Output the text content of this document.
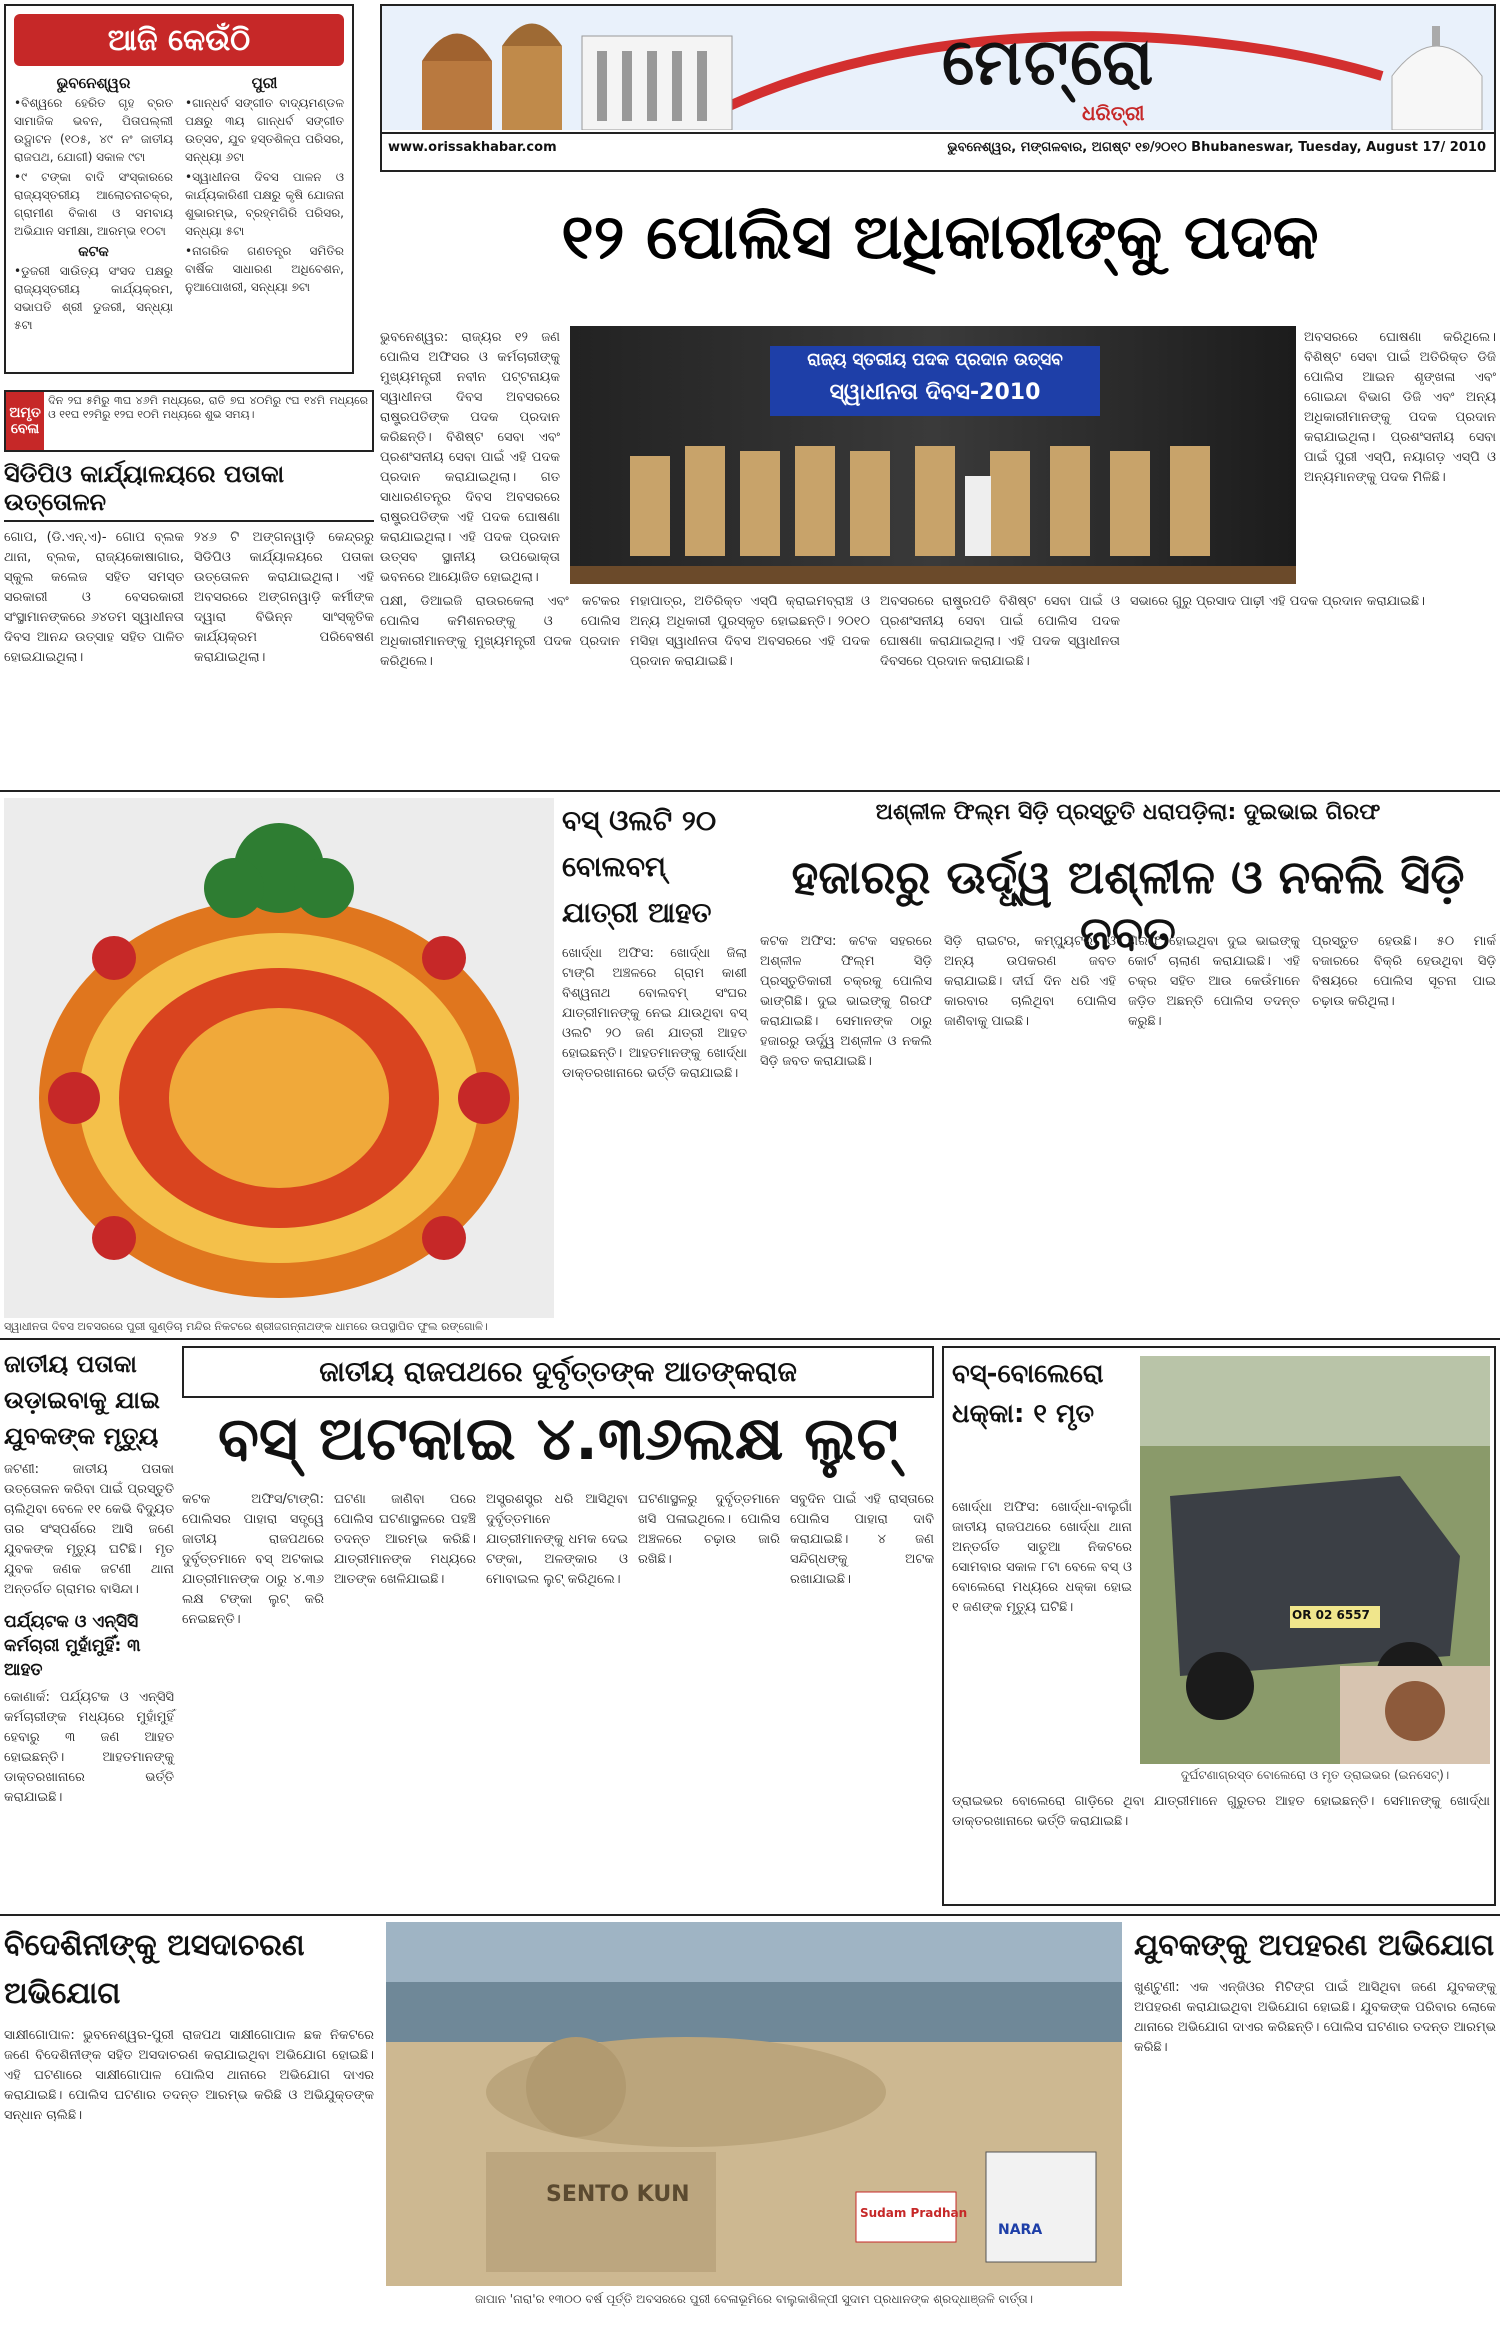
ଆଜି କେଉଁଠି
ଭୁବନେଶ୍ୱର
•ବିଶ୍ୱରେ ହେରିତ ଗୃହ ବ୍ରତ ସାମାଜିକ ଭବନ, ପିତାପଲ୍ଲୀ ଉଦ୍ଘାଟନ (୧୦୫, ୪୯ ନଂ ଜାତୀୟ ରାଜପଥ, ଯୋଗୀ) ସକାଳ ୯ଟା
•୯ ଟଙ୍କା ବାଦି ସଂସ୍କାରରେ ରାଜ୍ୟସ୍ତରୀୟ ଆଲୋଚନାଚକ୍ର, ଗ୍ରାମୀଣ ବିକାଶ ଓ ସମବାୟ ଅଭିଯାନ ସମୀକ୍ଷା, ଆରମ୍ଭ ୧୦ଟା
କଟକ
•ଡୁଜରୀ ସାଉିତ୍ୟ ସଂସଦ ପକ୍ଷରୁ ରାଜ୍ୟସ୍ତରୀୟ କାର୍ଯ୍ୟକ୍ରମ, ସଭାପତି ଶ୍ରୀ ଡୁଜରୀ, ସନ୍ଧ୍ୟା ୫ଟା
ପୁରୀ
•ଗାନ୍ଧର୍ବ ସଙ୍ଗୀତ ବାଦ୍ୟମଣ୍ଡଳ ପକ୍ଷରୁ ୩ୟ ଗାନ୍ଧର୍ବ ସଙ୍ଗୀତ ଉତ୍ସବ, ଯୁବ ହସ୍ତଶିଳ୍ପ ପରିସର, ସନ୍ଧ୍ୟା ୬ଟା
•ସ୍ୱାଧୀନତା ଦିବସ ପାଳନ ଓ କାର୍ଯ୍ୟକାରିଣୀ ପକ୍ଷରୁ କୃଷି ଯୋଜନା ଶୁଭାରମ୍ଭ, ବ୍ରହ୍ମଗିରି ପରିସର, ସନ୍ଧ୍ୟା ୫ଟା
•ନାଗରିକ ଗଣତନ୍ତ୍ର ସମିତିର ବାର୍ଷିକ ସାଧାରଣ ଅଧିବେଶନ, ନୁଆପୋଖରୀ, ସନ୍ଧ୍ୟା ୭ଟା
ମେଟ୍ରୋ
ଧରିତ୍ରୀ
www.orissakhabar.com	ଭୁବନେଶ୍ୱର, ମଙ୍ଗଳବାର, ଅଗଷ୍ଟ ୧୭/୨୦୧୦ Bhubaneswar, Tuesday, August 17/ 2010
୧୨ ପୋଲିସ ଅଧିକାରୀଙ୍କୁ ପଦକ
ଅମୃତ ବେଳା
ଦିନ ୨ଘ ୫ମିରୁ ୩ଘ ୪୬ମି ମଧ୍ୟରେ, ରାତି ୭ଘ ୪୦ମିରୁ ୯ଘ ୧୪ମି ମଧ୍ୟରେ ଓ ୧୧ଘ ୧୨ମିରୁ ୧୨ଘ ୧୦ମି ମଧ୍ୟରେ ଶୁଭ ସମୟ।
ସିଡିପିଓ କାର୍ଯ୍ୟାଳୟରେ ପତାକା ଉତ୍ତୋଳନ
ଗୋପ, (ଡି.ଏନ୍.ଏ)- ଗୋପ ବ୍ଲକ ଥାନା, ବ୍ଲକ, ରାଜ୍ୟକୋଷାଗାର, ସ୍କୁଲ କଲେଜ ସହିତ ସମସ୍ତ ସରକାରୀ ଓ ବେସରକାରୀ ସଂସ୍ଥାମାନଙ୍କରେ ୬୪ତମ ସ୍ୱାଧୀନତା ଦିବସ ଆନନ୍ଦ ଉତ୍ସାହ ସହିତ ପାଳିତ ହୋଇଯାଇଥିଲା।
୨୪୬ ଟି ଅଙ୍ଗନୱାଡ଼ି କେନ୍ଦ୍ରରୁ ସିଡିପିଓ କାର୍ଯ୍ୟାଳୟରେ ପତାକା ଉତ୍ତୋଳନ କରାଯାଇଥିଲା। ଏହି ଅବସରରେ ଅଙ୍ଗନୱାଡ଼ି କର୍ମୀଙ୍କ ଦ୍ୱାରା ବିଭିନ୍ନ ସାଂସ୍କୃତିକ କାର୍ଯ୍ୟକ୍ରମ ପରିବେଷଣ କରାଯାଇଥିଲା।
ରାଜ୍ୟ ସ୍ତରୀୟ ପଦକ ପ୍ରଦାନ ଉତ୍ସବ
ସ୍ୱାଧୀନତା ଦିବସ-2010
ଭୁବନେଶ୍ୱର: ରାଜ୍ୟର ୧୨ ଜଣ ପୋଲିସ ଅଫିସର ଓ କର୍ମଚାରୀଙ୍କୁ ମୁଖ୍ୟମନ୍ତ୍ରୀ ନବୀନ ପଟ୍ଟନାୟକ ସ୍ୱାଧୀନତା ଦିବସ ଅବସରରେ ରାଷ୍ଟ୍ରପତିଙ୍କ ପଦକ ପ୍ରଦାନ କରିଛନ୍ତି। ବିଶିଷ୍ଟ ସେବା ଏବଂ ପ୍ରଶଂସନୀୟ ସେବା ପାଇଁ ଏହି ପଦକ ପ୍ରଦାନ କରାଯାଇଥିଲା। ଗତ ସାଧାରଣତନ୍ତ୍ର ଦିବସ ଅବସରରେ ରାଷ୍ଟ୍ରପତିଙ୍କ ଏହି ପଦକ ଘୋଷଣା କରାଯାଇଥିଲା। ଏହି ପଦକ ପ୍ରଦାନ ଉତ୍ସବ ସ୍ଥାନୀୟ ଉପଭୋକ୍ତା ଭବନରେ ଆୟୋଜିତ ହୋଇଥିଲା।
ଅବସରରେ ଘୋଷଣା କରିଥିଲେ। ବିଶିଷ୍ଟ ସେବା ପାଇଁ ଅତିରିକ୍ତ ଡିଜି ପୋଲିସ ଆଇନ ଶୃଙ୍ଖଳା ଏବଂ ଗୋଇନ୍ଦା ବିଭାଗ ଡିଜି ଏବଂ ଅନ୍ୟ ଅଧିକାରୀମାନଙ୍କୁ ପଦକ ପ୍ରଦାନ କରାଯାଇଥିଲା। ପ୍ରଶଂସନୀୟ ସେବା ପାଇଁ ପୁରୀ ଏସ୍‌ପି, ନୟାଗଡ଼ ଏସ୍‌ପି ଓ ଅନ୍ୟମାନଙ୍କୁ ପଦକ ମିଳିଛି।
ପକ୍ଷୀ, ଡିଆଇଜି ରାଉରକେଲା ଏବଂ କଟକର ପୋଲିସ କମିଶନରଙ୍କୁ ଓ ପୋଲିସ ଅଧିକାରୀମାନଙ୍କୁ ମୁଖ୍ୟମନ୍ତ୍ରୀ ପଦକ ପ୍ରଦାନ କରିଥିଲେ।
ମହାପାତ୍ର, ଅତିରିକ୍ତ ଏସ୍‌ପି କ୍ରାଇମବ୍ରାଞ୍ଚ ଓ ଅନ୍ୟ ଅଧିକାରୀ ପୁରସ୍କୃତ ହୋଇଛନ୍ତି। ୨୦୧୦ ମସିହା ସ୍ୱାଧୀନତା ଦିବସ ଅବସରରେ ଏହି ପଦକ ପ୍ରଦାନ କରାଯାଇଛି।
ଅବସରରେ ରାଷ୍ଟ୍ରପତି ବିଶିଷ୍ଟ ସେବା ପାଇଁ ଓ ପ୍ରଶଂସନୀୟ ସେବା ପାଇଁ ପୋଲିସ ପଦକ ଘୋଷଣା କରାଯାଇଥିଲା। ଏହି ପଦକ ସ୍ୱାଧୀନତା ଦିବସରେ ପ୍ରଦାନ କରାଯାଇଛି।
ସଭାରେ ଗୁରୁ ପ୍ରସାଦ ପାଢ଼ୀ ଏହି ପଦକ ପ୍ରଦାନ କରାଯାଇଛି।
ସ୍ୱାଧୀନତା ଦିବସ ଅବସରରେ ପୁରୀ ଗୁଣ୍ଡିଚା ମନ୍ଦିର ନିକଟରେ ଶ୍ରୀଜଗନ୍ନାଥଙ୍କ ଧାମରେ ଉପସ୍ଥାପିତ ଫୁଲ ରଙ୍ଗୋଳି।
ବସ୍ ଓଲଟି ୨୦ ବୋଲବମ୍ ଯାତ୍ରୀ ଆହତ
ଖୋର୍ଦ୍ଧା ଅଫିସ: ଖୋର୍ଦ୍ଧା ଜିଲା ଟାଙ୍ଗି ଅଞ୍ଚଳରେ ଗ୍ରାମ କାଶୀ ବିଶ୍ୱନାଥ ବୋଲବମ୍ ସଂଘର ଯାତ୍ରୀମାନଙ୍କୁ ନେଇ ଯାଉଥିବା ବସ୍ ଓଲଟି ୨୦ ଜଣ ଯାତ୍ରୀ ଆହତ ହୋଇଛନ୍ତି। ଆହତମାନଙ୍କୁ ଖୋର୍ଦ୍ଧା ଡାକ୍ତରଖାନାରେ ଭର୍ତ୍ତି କରାଯାଇଛି।
ଅଶ୍ଳୀଳ ଫିଲ୍ମ ସିଡ଼ି ପ୍ରସ୍ତୁତି ଧରାପଡ଼ିଲା: ଦୁଇଭାଇ ଗିରଫ
ହଜାରରୁ ଊର୍ଦ୍ଧ୍ୱ ଅଶ୍ଳୀଳ ଓ ନକଲି ସିଡ଼ି ଜବତ
କଟକ ଅଫିସ: କଟକ ସହରରେ ଅଶ୍ଳୀଳ ଫିଲ୍ମ ସିଡ଼ି ପ୍ରସ୍ତୁତିକାରୀ ଚକ୍ରକୁ ପୋଲିସ ଭାଙ୍ଗିଛି। ଦୁଇ ଭାଇଙ୍କୁ ଗିରଫ କରାଯାଇଛି। ସେମାନଙ୍କ ଠାରୁ ହଜାରରୁ ଊର୍ଦ୍ଧ୍ୱ ଅଶ୍ଳୀଳ ଓ ନକଲି ସିଡ଼ି ଜବତ କରାଯାଇଛି।
ସିଡ଼ି ରାଇଟର, କମ୍ପ୍ୟୁଟର ଓ ଅନ୍ୟ ଉପକରଣ ଜବତ କରାଯାଇଛି। ଦୀର୍ଘ ଦିନ ଧରି ଏହି କାରବାର ଚାଲିଥିବା ପୋଲିସ ଜାଣିବାକୁ ପାଇଛି।
ଗିରଫ ହୋଇଥିବା ଦୁଇ ଭାଇଙ୍କୁ କୋର୍ଟ ଚାଲାଣ କରାଯାଇଛି। ଏହି ଚକ୍ର ସହିତ ଆଉ କେଉଁମାନେ ଜଡ଼ିତ ଅଛନ୍ତି ପୋଲିସ ତଦନ୍ତ କରୁଛି।
ପ୍ରସ୍ତୁତ ହେଉଛି। ୫୦ ମାର୍କ ବଜାରରେ ବିକ୍ରି ହେଉଥିବା ସିଡ଼ି ବିଷୟରେ ପୋଲିସ ସୂଚନା ପାଇ ଚଢ଼ାଉ କରିଥିଲା।
ଜାତୀୟ ପତାକା ଉଡ଼ାଇବାକୁ ଯାଇ ଯୁବକଙ୍କ ମୃତ୍ୟୁ
ଜଟଣୀ: ଜାତୀୟ ପତାକା ଉତ୍ତୋଳନ କରିବା ପାଇଁ ପ୍ରସ୍ତୁତି ଚାଲିଥିବା ବେଳେ ୧୧ କେଭି ବିଦ୍ୟୁତ ତାର ସଂସ୍ପର୍ଶରେ ଆସି ଜଣେ ଯୁବକଙ୍କ ମୃତ୍ୟୁ ଘଟିଛି। ମୃତ ଯୁବକ ଜଣକ ଜଟଣୀ ଥାନା ଅନ୍ତର୍ଗତ ଗ୍ରାମର ବାସିନ୍ଦା।
ପର୍ଯ୍ୟଟକ ଓ ଏନ୍‌ସିସି କର୍ମଚାରୀ ମୁହାଁମୁହିଁ: ୩ ଆହତ
କୋଣାର୍କ: ପର୍ଯ୍ୟଟକ ଓ ଏନ୍‌ସିସି କର୍ମଚାରୀଙ୍କ ମଧ୍ୟରେ ମୁହାଁମୁହିଁ ହେବାରୁ ୩ ଜଣ ଆହତ ହୋଇଛନ୍ତି। ଆହତମାନଙ୍କୁ ଡାକ୍ତରଖାନାରେ ଭର୍ତ୍ତି କରାଯାଇଛି।
ଜାତୀୟ ରାଜପଥରେ ଦୁର୍ବୃତ୍ତଙ୍କ ଆତଙ୍କରାଜ
ବସ୍ ଅଟକାଇ ୪.୩୬ଲକ୍ଷ ଲୁଟ୍
କଟକ ଅଫିସ/ଟାଙ୍ଗି: ପୋଲିସର ପାହାରା ସତ୍ତ୍ୱେ ଜାତୀୟ ରାଜପଥରେ ଦୁର୍ବୃତ୍ତମାନେ ବସ୍ ଅଟକାଇ ଯାତ୍ରୀମାନଙ୍କ ଠାରୁ ୪.୩୬ ଲକ୍ଷ ଟଙ୍କା ଲୁଟ୍ କରି ନେଇଛନ୍ତି।
ଘଟଣା ଜାଣିବା ପରେ ପୋଲିସ ଘଟଣାସ୍ଥଳରେ ପହଞ୍ଚି ତଦନ୍ତ ଆରମ୍ଭ କରିଛି। ଯାତ୍ରୀମାନଙ୍କ ମଧ୍ୟରେ ଆତଙ୍କ ଖେଳିଯାଇଛି।
ଅସ୍ତ୍ରଶସ୍ତ୍ର ଧରି ଆସିଥିବା ଦୁର୍ବୃତ୍ତମାନେ ଯାତ୍ରୀମାନଙ୍କୁ ଧମକ ଦେଇ ଟଙ୍କା, ଅଳଙ୍କାର ଓ ମୋବାଇଲ ଲୁଟ୍ କରିଥିଲେ।
ଘଟଣାସ୍ଥଳରୁ ଦୁର୍ବୃତ୍ତମାନେ ଖସି ପଳାଇଥିଲେ। ପୋଲିସ ଅଞ୍ଚଳରେ ଚଢ଼ାଉ ଜାରି ରଖିଛି।
ସବୁଦିନ ପାଇଁ ଏହି ରାସ୍ତାରେ ପୋଲିସ ପାହାରା ଦାବି କରାଯାଇଛି। ୪ ଜଣ ସନ୍ଦିଗ୍ଧଙ୍କୁ ଅଟକ ରଖାଯାଇଛି।
ବସ୍-ବୋଲେରୋ ଧକ୍କା: ୧ ମୃତ
ଖୋର୍ଦ୍ଧା ଅଫିସ: ଖୋର୍ଦ୍ଧା-ବାଲୁଗାଁ ଜାତୀୟ ରାଜପଥରେ ଖୋର୍ଦ୍ଧା ଥାନା ଅନ୍ତର୍ଗତ ସାତୁଆ ନିକଟରେ ସୋମବାର ସକାଳ ୮ଟା ବେଳେ ବସ୍ ଓ ବୋଲେରୋ ମଧ୍ୟରେ ଧକ୍କା ହୋଇ ୧ ଜଣଙ୍କ ମୃତ୍ୟୁ ଘଟିଛି।	OR 02 6557
ଦୁର୍ଘଟଣାଗ୍ରସ୍ତ ବୋଲେରୋ ଓ ମୃତ ଡ୍ରାଇଭର (ଇନସେଟ୍)।
ଡ୍ରାଇଭର ବୋଲେରୋ ଗାଡ଼ିରେ ଥିବା ଯାତ୍ରୀମାନେ ଗୁରୁତର ଆହତ ହୋଇଛନ୍ତି। ସେମାନଙ୍କୁ ଖୋର୍ଦ୍ଧା ଡାକ୍ତରଖାନାରେ ଭର୍ତ୍ତି କରାଯାଇଛି।
ବିଦେଶିନୀଙ୍କୁ ଅସଦାଚରଣ ଅଭିଯୋଗ
ସାକ୍ଷୀଗୋପାଳ: ଭୁବନେଶ୍ୱର-ପୁରୀ ରାଜପଥ ସାକ୍ଷୀଗୋପାଳ ଛକ ନିକଟରେ ଜଣେ ବିଦେଶିନୀଙ୍କ ସହିତ ଅସଦାଚରଣ କରାଯାଇଥିବା ଅଭିଯୋଗ ହୋଇଛି। ଏହି ଘଟଣାରେ ସାକ୍ଷୀଗୋପାଳ ପୋଲିସ ଥାନାରେ ଅଭିଯୋଗ ଦାଏର କରାଯାଇଛି। ପୋଲିସ ଘଟଣାର ତଦନ୍ତ ଆରମ୍ଭ କରିଛି ଓ ଅଭିଯୁକ୍ତଙ୍କ ସନ୍ଧାନ ଚାଲିଛି।
SENTO KUN
Sudam Pradhan
NARA
ଜାପାନ 'ନାରା'ର ୧୩୦୦ ବର୍ଷ ପୂର୍ତ୍ତି ଅବସରରେ ପୁରୀ ବେଳାଭୂମିରେ ବାଲୁକାଶିଳ୍ପୀ ସୁଦାମ ପ୍ରଧାନଙ୍କ ଶ୍ରଦ୍ଧାଞ୍ଜଳି ବାର୍ତ୍ତା।
ଯୁବକଙ୍କୁ ଅପହରଣ ଅଭିଯୋଗ
ଖୁଣ୍ଟୁଣୀ: ଏକ ଏନ୍‌ଜିଓର ମିଟିଙ୍ଗ ପାଇଁ ଆସିଥିବା ଜଣେ ଯୁବକଙ୍କୁ ଅପହରଣ କରାଯାଇଥିବା ଅଭିଯୋଗ ହୋଇଛି। ଯୁବକଙ୍କ ପରିବାର ଲୋକେ ଥାନାରେ ଅଭିଯୋଗ ଦାଏର କରିଛନ୍ତି। ପୋଲିସ ଘଟଣାର ତଦନ୍ତ ଆରମ୍ଭ କରିଛି।
